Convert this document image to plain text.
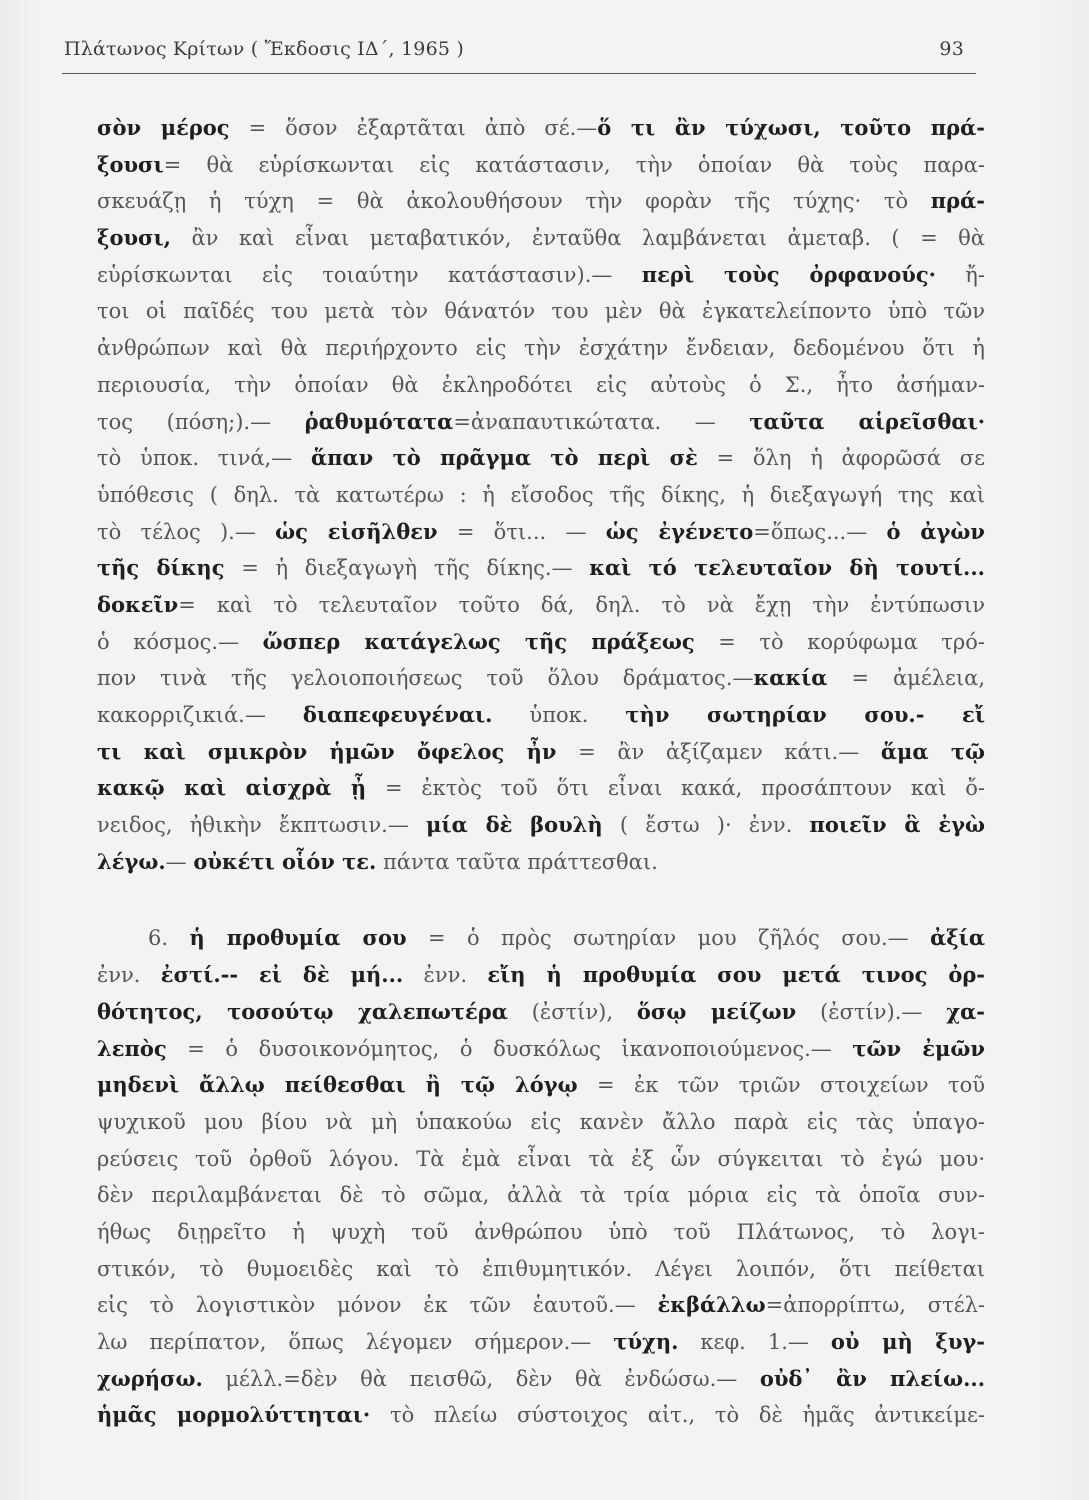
Πλάτωνος Κρίτων ( Ἔκδοσις ΙΔ΄, 1965 )	93
σὸν μέρος = ὅσον ἐξαρτᾶται ἀπὸ σέ.—ὅ τι ἂν τύχωσι, τοῦτο πρά-
ξουσι= θὰ εὑρίσκωνται εἰς κατάστασιν, τὴν ὁποίαν θὰ τοὺς παρα-
σκευάζῃ ἡ τύχη = θὰ ἀκολουθήσουν τὴν φορὰν τῆς τύχης· τὸ πρά-
ξουσι, ἂν καὶ εἶναι μεταβατικόν, ἐνταῦθα λαμβάνεται ἀμεταβ. ( = θὰ
εὑρίσκωνται εἰς τοιαύτην κατάστασιν).— περὶ τοὺς ὀρφανούς· ἤ-
τοι οἱ παῖδές του μετὰ τὸν θάνατόν του μὲν θὰ ἐγκατελείποντο ὑπὸ τῶν
ἀνθρώπων καὶ θὰ περιήρχοντο εἰς τὴν ἐσχάτην ἔνδειαν, δεδομένου ὅτι ἡ
περιουσία, τὴν ὁποίαν θὰ ἐκληροδότει εἰς αὐτοὺς ὁ Σ., ἦτο ἀσήμαν-
τος (πόση;).— ῥαθυμότατα=ἀναπαυτικώτατα. — ταῦτα αἱρεῖσθαι·
τὸ ὑποκ. τινά,— ἅπαν τὸ πρᾶγμα τὸ περὶ σὲ = ὅλη ἡ ἀφορῶσά σε
ὑπόθεσις ( δηλ. τὰ κατωτέρω : ἡ εἴσοδος τῆς δίκης, ἡ διεξαγωγή της καὶ
τὸ τέλος ).— ὡς εἰσῆλθεν = ὅτι... — ὡς ἐγένετο=ὅπως...— ὁ ἀγὼν
τῆς δίκης = ἡ διεξαγωγὴ τῆς δίκης.— καὶ τό τελευταῖον δὴ τουτί...
δοκεῖν= καὶ τὸ τελευταῖον τοῦτο δά, δηλ. τὸ νὰ ἔχῃ τὴν ἐντύπωσιν
ὁ κόσμος.— ὥσπερ κατάγελως τῆς πράξεως = τὸ κορύφωμα τρό-
πον τινὰ τῆς γελοιοποιήσεως τοῦ ὅλου δράματος.—κακία = ἀμέλεια,
κακορριζικιά.— διαπεφευγέναι. ὑποκ. τὴν σωτηρίαν σου.- εἴ
τι καὶ σμικρὸν ἡμῶν ὄφελος ἦν = ἂν ἀξίζαμεν κάτι.— ἅμα τῷ
κακῷ καὶ αἰσχρὰ ᾖ = ἐκτὸς τοῦ ὅτι εἶναι κακά, προσάπτουν καὶ ὄ-
νειδος, ἠθικὴν ἔκπτωσιν.— μία δὲ βουλὴ ( ἔστω )· ἐνν. ποιεῖν ἃ ἐγὼ
λέγω.— οὐκέτι οἷόν τε. πάντα ταῦτα πράττεσθαι.
6. ἡ προθυμία σου = ὁ πρὸς σωτηρίαν μου ζῆλός σου.— ἀξία
ἐνν. ἐστί.-- εἰ δὲ μή... ἐνν. εἴη ἡ προθυμία σου μετά τινος ὀρ-
θότητος, τοσούτῳ χαλεπωτέρα (ἐστίν), ὅσῳ μείζων (ἐστίν).— χα-
λεπὸς = ὁ δυσοικονόμητος, ὁ δυσκόλως ἱκανοποιούμενος.— τῶν ἐμῶν
μηδενὶ ἄλλῳ πείθεσθαι ἢ τῷ λόγῳ = ἐκ τῶν τριῶν στοιχείων τοῦ
ψυχικοῦ μου βίου νὰ μὴ ὑπακούω εἰς κανὲν ἄλλο παρὰ εἰς τὰς ὑπαγο-
ρεύσεις τοῦ ὀρθοῦ λόγου. Τὰ ἐμὰ εἶναι τὰ ἐξ ὧν σύγκειται τὸ ἐγώ μου·
δὲν περιλαμβάνεται δὲ τὸ σῶμα, ἀλλὰ τὰ τρία μόρια εἰς τὰ ὁποῖα συν-
ήθως διῃρεῖτο ἡ ψυχὴ τοῦ ἀνθρώπου ὑπὸ τοῦ Πλάτωνος, τὸ λογι-
στικόν, τὸ θυμοειδὲς καὶ τὸ ἐπιθυμητικόν. Λέγει λοιπόν, ὅτι πείθεται
εἰς τὸ λογιστικὸν μόνον ἐκ τῶν ἑαυτοῦ.— ἐκβάλλω=ἀπορρίπτω, στέλ-
λω περίπατον, ὅπως λέγομεν σήμερον.— τύχη. κεφ. 1.— οὐ μὴ ξυγ-
χωρήσω. μέλλ.=δὲν θὰ πεισθῶ, δὲν θὰ ἐνδώσω.— οὐδ᾽ ἂν πλείω...
ἡμᾶς μορμολύττηται· τὸ πλείω σύστοιχος αἰτ., τὸ δὲ ἡμᾶς ἀντικείμε-
